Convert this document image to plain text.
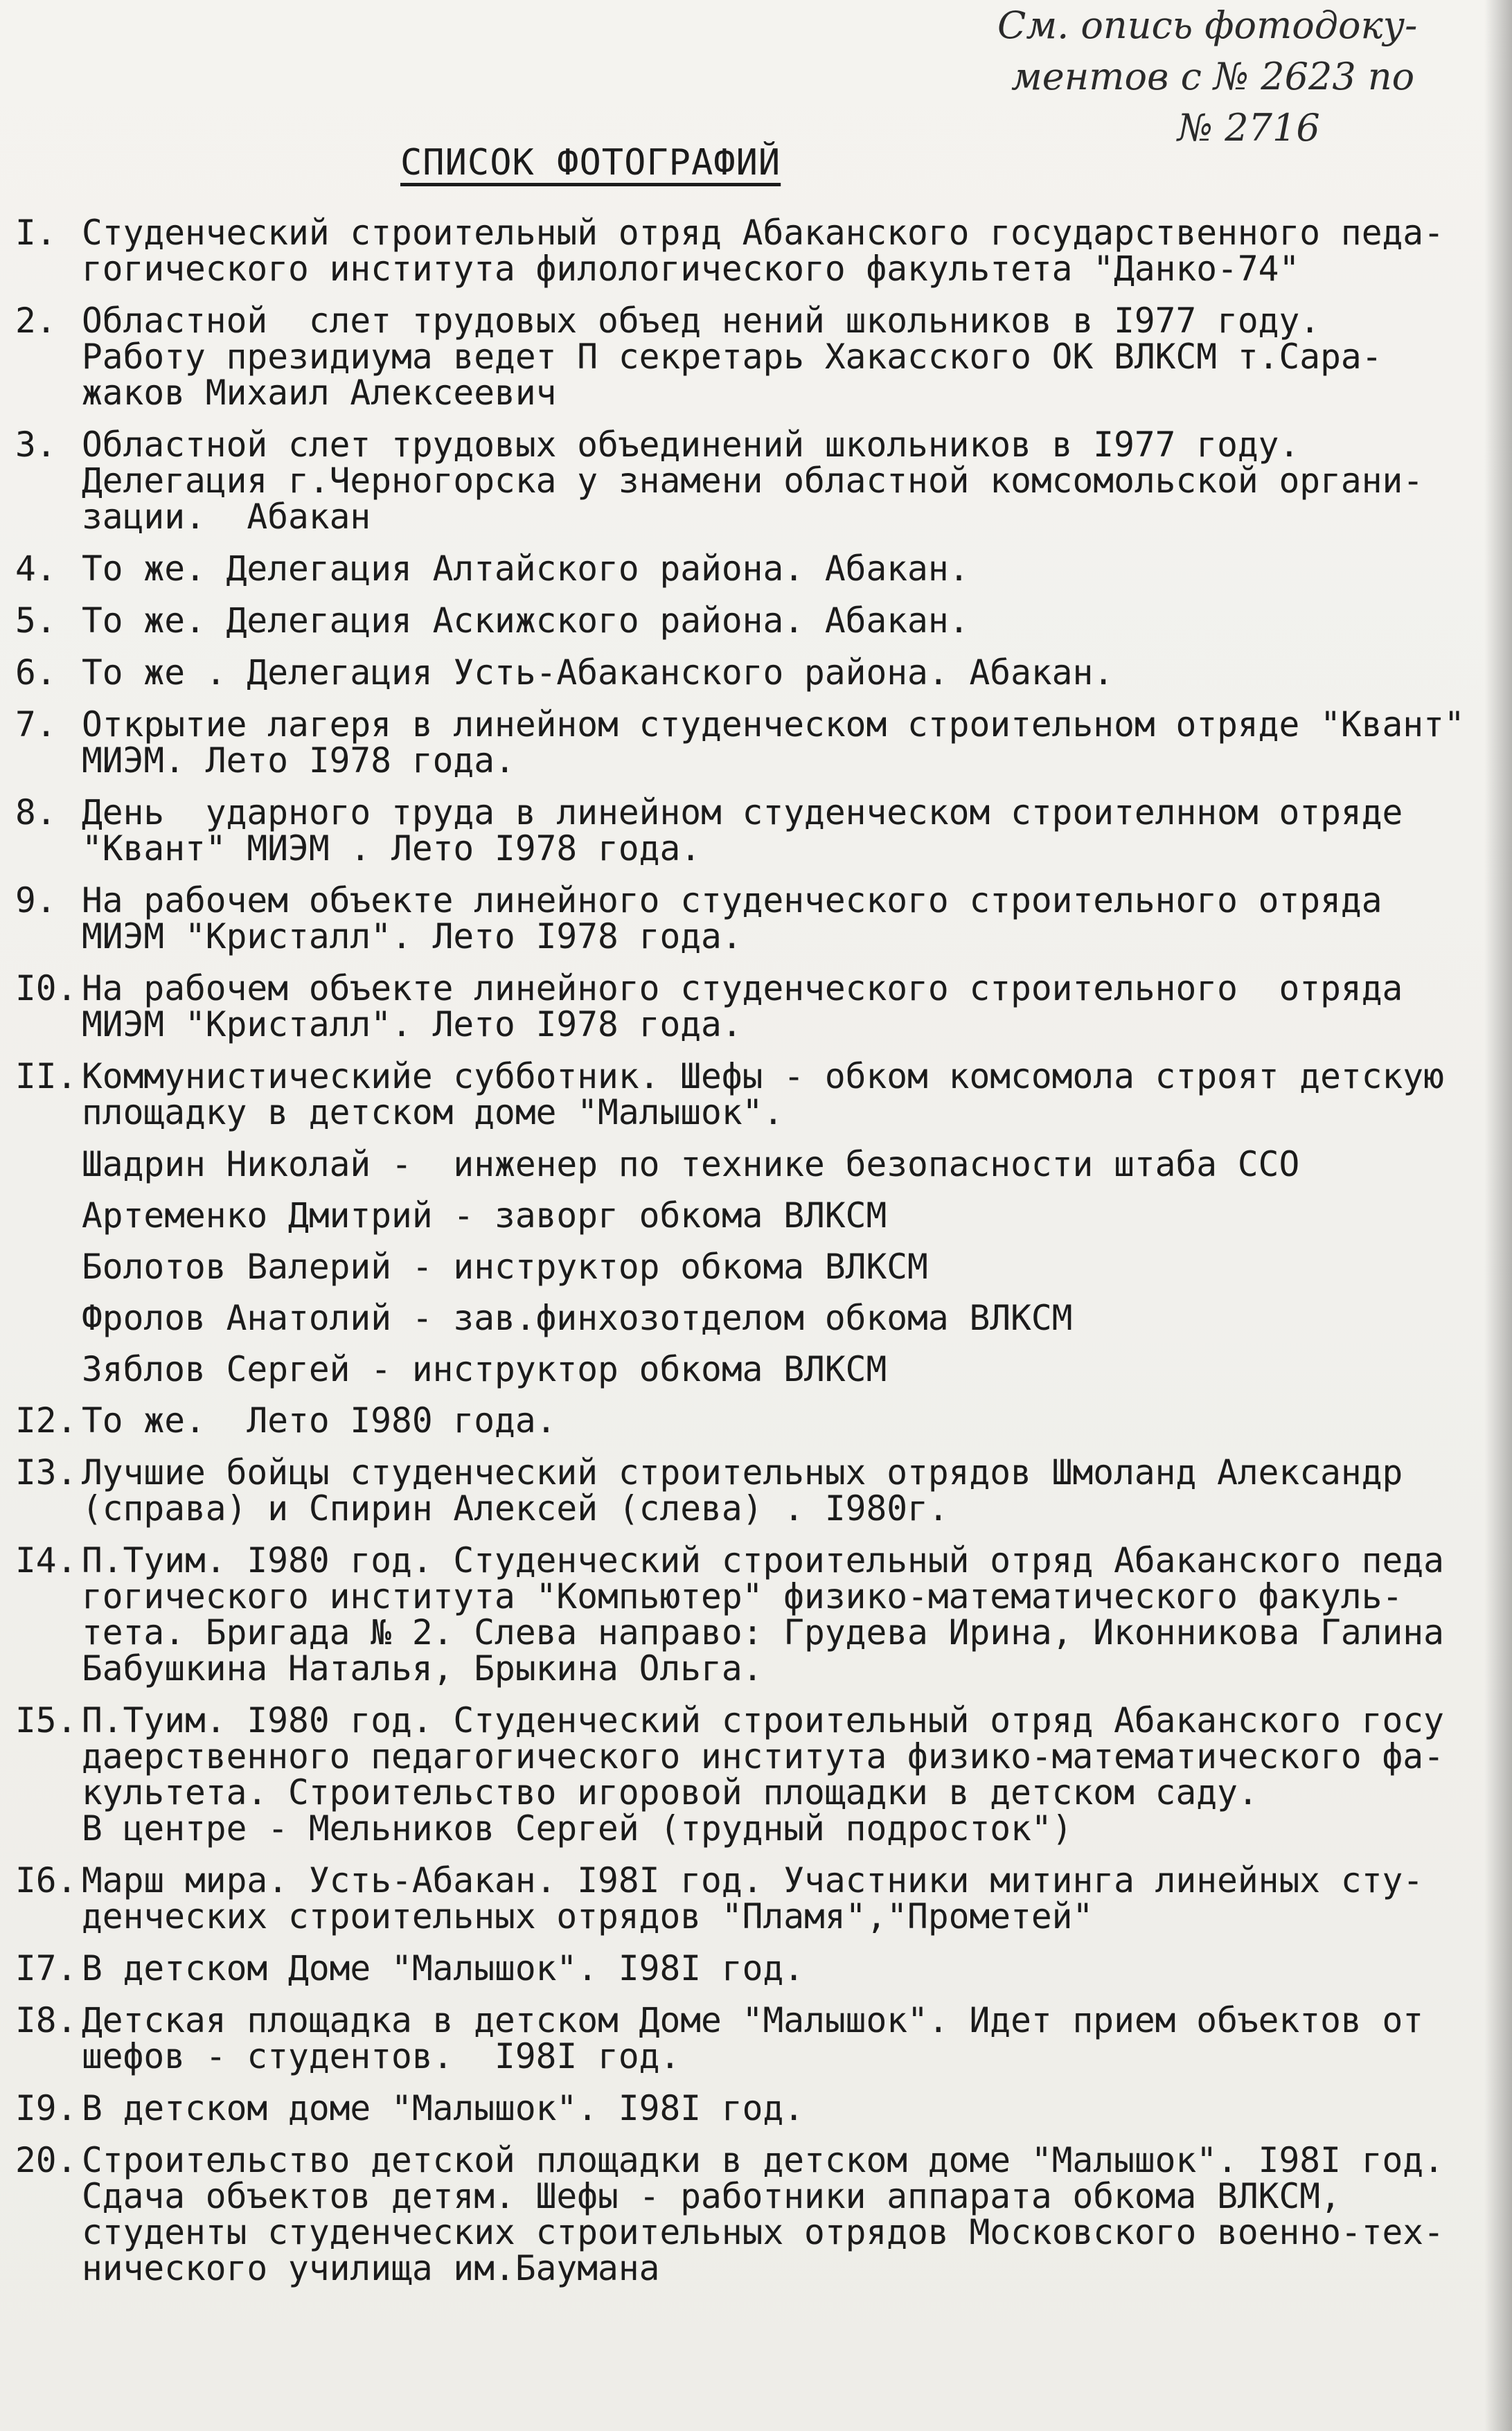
См. опись фотодоку-
ментов с № 2623 по
№ 2716
СПИСОК ФОТОГРАФИЙ
I. Студенческий строительный отряд Абаканского государственного педа-
гогического института филологического факультета "Данко-74"
2. Областной  слет трудовых объед нений школьников в I977 году.
Работу президиума ведет П секретарь Хакасского ОК ВЛКСМ т.Сара-
жаков Михаил Алексеевич
3. Областной слет трудовых объединений школьников в I977 году.
Делегация г.Черногорска у знамени областной комсомольской органи-
зации.  Абакан
4. То же. Делегация Алтайского района. Абакан.
5. То же. Делегация Аскижского района. Абакан.
6. То же . Делегация Усть-Абаканского района. Абакан.
7. Открытие лагеря в линейном студенческом строительном отряде "Квант"
МИЭМ. Лето I978 года.
8. День  ударного труда в линейном студенческом строителнном отряде
"Квант" МИЭМ . Лето I978 года.
9. На рабочем объекте линейного студенческого строительного отряда
МИЭМ "Кристалл". Лето I978 года.
I0. На рабочем объекте линейного студенческого строительного  отряда
МИЭМ "Кристалл". Лето I978 года.
II. Коммунистическийе субботник. Шефы - обком комсомола строят детскую
площадку в детском доме "Малышок".
Шадрин Николай -  инженер по технике безопаcности штаба ССО
Артеменко Дмитрий - заворг обкома ВЛКСМ
Болотов Валерий - инструктор обкома ВЛКСМ
Фролов Анатолий - зав.финхозотделом обкома ВЛКСМ
Зяблов Сергей - инструктор обкома ВЛКСМ
I2. То же.  Лето I980 года.
I3. Лучшие бойцы студенческий строительных отрядов Шмоланд Александр
(справа) и Спирин Алексей (слева) . I980г.
I4. П.Туим. I980 год. Студенческий строительный отряд Абаканского педа
гогического института "Компьютер" физико-математического факуль-
тета. Бригада № 2. Слева направо: Грудева Ирина, Иконникова Галина
Бабушкина Наталья, Брыкина Ольга.
I5. П.Туим. I980 год. Студенческий строительный отряд Абаканского госу
даерственного педагогического института физико-математического фа-
культета. Строительство игоровой площадки в детском саду.
В центре - Мельников Сергей (трудный подросток")
I6. Марш мира. Усть-Абакан. I98I год. Участники митинга линейных сту-
денческих строительных отрядов "Пламя","Прометей"
I7. В детском Доме "Малышок". I98I год.
I8. Детская площадка в детском Доме "Малышок". Идет прием объектов от
шефов - студентов.  I98I год.
I9. В детском доме "Малышок". I98I год.
20. Строительство детской площадки в детском доме "Малышок". I98I год.
Сдача объектов детям. Шефы - работники аппарата обкома ВЛКСМ,
студенты студенческих строительных отрядов Московского военно-тех-
нического училища им.Баумана
